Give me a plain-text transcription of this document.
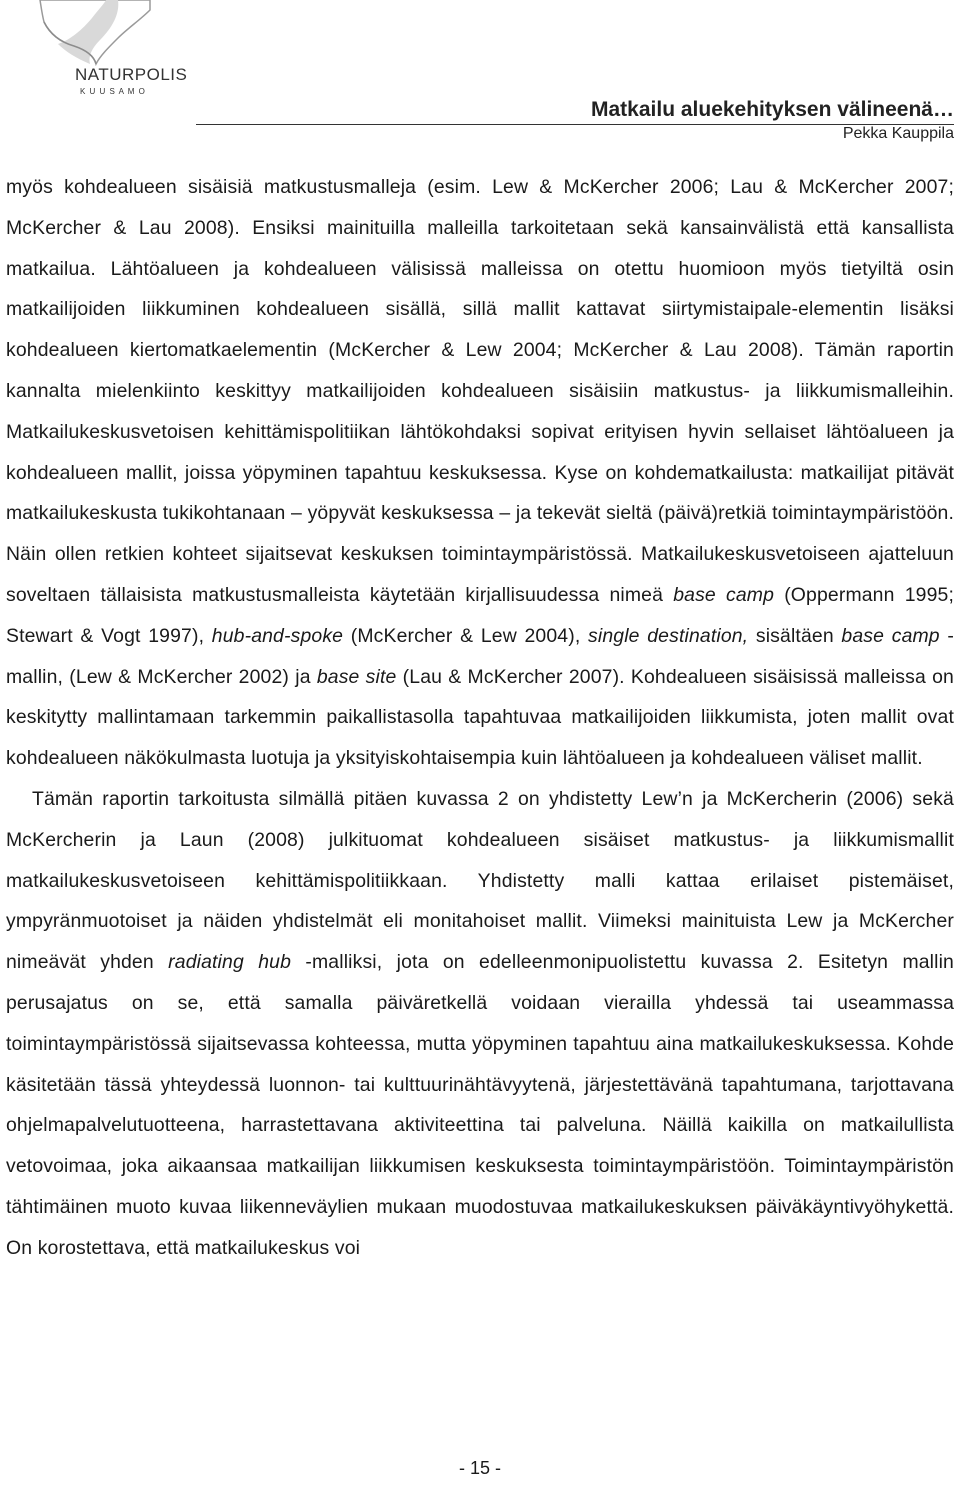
NATURPOLIS
K U U S A M O
Matkailu aluekehityksen välineenä…
Pekka Kauppila

myös kohdealueen sisäisiä matkustusmalleja (esim. Lew & McKercher 2006; Lau & McKercher 2007; McKercher & Lau 2008). Ensiksi mainituilla malleilla tarkoitetaan sekä kansainvälistä että kansallista matkailua. Lähtöalueen ja kohdealueen välisissä malleissa on otettu huomioon myös tietyiltä osin matkailijoiden liikkuminen kohdealueen sisällä, sillä mallit kattavat siirtymistaipale-elementin lisäksi kohdealueen kiertomatkaelementin (McKercher & Lew 2004; McKercher & Lau 2008). Tämän raportin kannalta mielenkiinto keskittyy matkailijoiden kohdealueen sisäisiin matkustus- ja liikkumismalleihin. Matkailukeskusvetoisen kehittämispolitiikan lähtökohdaksi sopivat erityisen hyvin sellaiset lähtöalueen ja kohdealueen mallit, joissa yöpyminen tapahtuu keskuksessa. Kyse on kohdematkailusta: matkailijat pitävät matkailukeskusta tukikohtanaan – yöpyvät keskuksessa – ja tekevät sieltä (päivä)retkiä toimintaympäristöön. Näin ollen retkien kohteet sijaitsevat keskuksen toimintaympäristössä. Matkailukeskusvetoiseen ajatteluun soveltaen tällaisista matkustusmalleista käytetään kirjallisuudessa nimeä base camp (Oppermann 1995; Stewart & Vogt 1997), hub-and-spoke (McKercher & Lew 2004), single destination, sisältäen base camp -mallin, (Lew & McKercher 2002) ja base site (Lau & McKercher 2007). Kohdealueen sisäisissä malleissa on keskitytty mallintamaan tarkemmin paikallistasolla tapahtuvaa matkailijoiden liikkumista, joten mallit ovat kohdealueen näkökulmasta luotuja ja yksityiskohtaisempia kuin lähtöalueen ja kohdealueen väliset mallit.

Tämän raportin tarkoitusta silmällä pitäen kuvassa 2 on yhdistetty Lew’n ja McKercherin (2006) sekä McKercherin ja Laun (2008) julkituomat kohdealueen sisäiset matkustus- ja liikkumismallit matkailukeskusvetoiseen kehittämispolitiikkaan. Yhdistetty malli kattaa erilaiset pistemäiset, ympyränmuotoiset ja näiden yhdistelmät eli monitahoiset mallit. Viimeksi mainituista Lew ja McKercher nimeävät yhden radiating hub -malliksi, jota on edelleenmonipuolistettu kuvassa 2. Esitetyn mallin perusajatus on se, että samalla päiväretkellä voidaan vierailla yhdessä tai useammassa toimintaympäristössä sijaitsevassa kohteessa, mutta yöpyminen tapahtuu aina matkailukeskuksessa. Kohde käsitetään tässä yhteydessä luonnon- tai kulttuurinähtävyytenä, järjestettävänä tapahtumana, tarjottavana ohjelmapalvelutuotteena, harrastettavana aktiviteettina tai palveluna. Näillä kaikilla on matkailullista vetovoimaa, joka aikaansaa matkailijan liikkumisen keskuksesta toimintaympäristöön. Toimintaympäristön tähtimäinen muoto kuvaa liikenneväylien mukaan muodostuvaa matkailukeskuksen päiväkäyntivyöhykettä. On korostettava, että matkailukeskus voi

- 15 -
